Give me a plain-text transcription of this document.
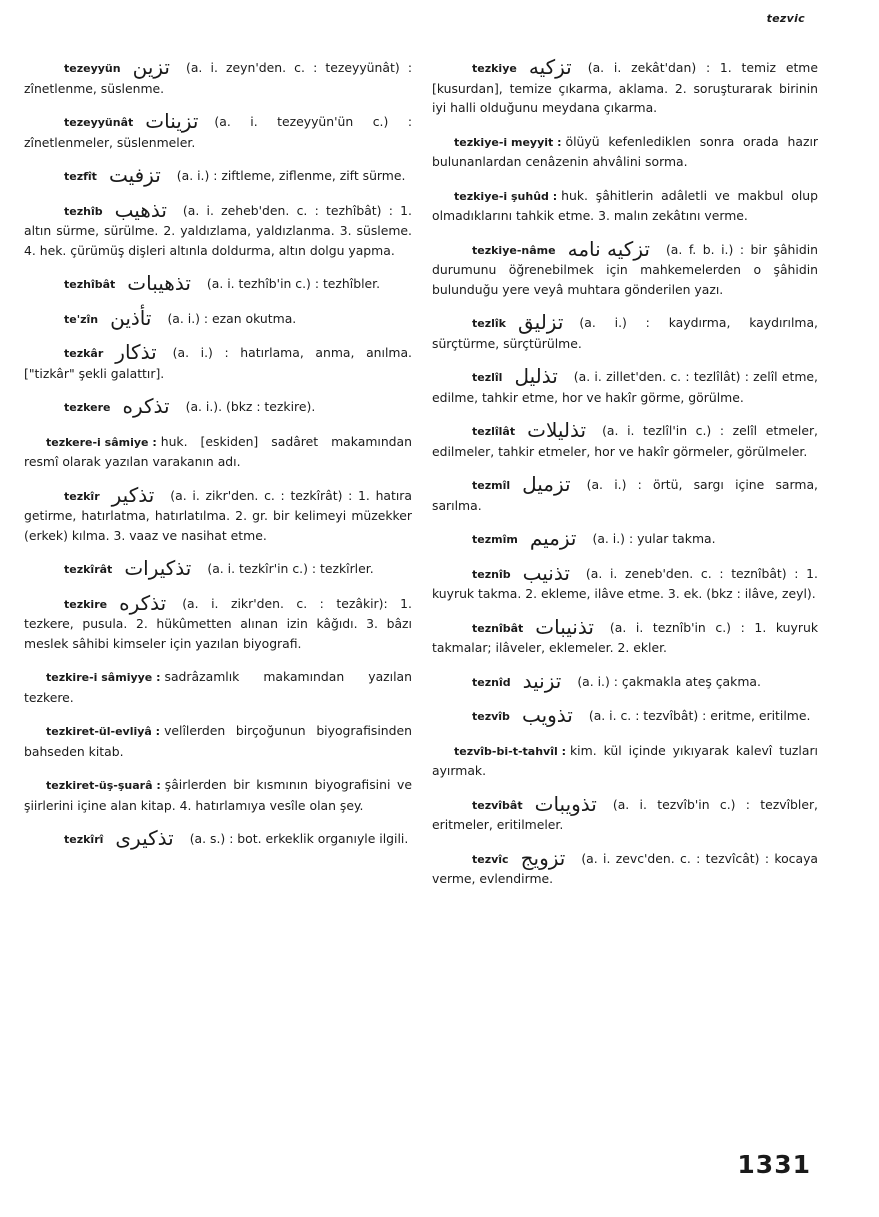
tezvic
tezeyyün تزين (a. i. zeyn'den. c. : tezeyyünât) : zînetlenme, süslenme.
tezeyyünât تزينات (a. i. tezeyyün'ün c.) : zînetlenmeler, süslenmeler.
tezfît تزفيت (a. i.) : ziftleme, ziflenme, zift sürme.
tezhîb تذهيب (a. i. zeheb'den. c. : tezhîbât) : 1. altın sürme, sürülme. 2. yaldızlama, yaldızlanma. 3. süsleme. 4. hek. çürümüş dişleri altınla doldurma, altın dolgu yapma.
tezhîbât تذهيبات (a. i. tezhîb'in c.) : tezhîbler.
te'zîn تأذين (a. i.) : ezan okutma.
tezkâr تذكار (a. i.) : hatırlama, anma, anılma. ["tizkâr" şekli galattır].
tezkere تذكره (a. i.). (bkz : tezkire).
tezkere-i sâmiye : huk. [eskiden] sadâret makamından resmî olarak yazılan varakanın adı.
tezkîr تذكير (a. i. zikr'den. c. : tezkîrât) : 1. hatıra getirme, hatırlatma, hatırlatılma. 2. gr. bir kelimeyi müzekker (erkek) kılma. 3. vaaz ve nasihat etme.
tezkîrât تذكيرات (a. i. tezkîr'in c.) : tezkîrler.
tezkire تذكره (a. i. zikr'den. c. : tezâkir): 1. tezkere, pusula. 2. hükûmetten alınan izin kâğıdı. 3. bâzı meslek sâhibi kimseler için yazılan biyografi.
tezkire-i sâmiyye : sadrâzamlık makamından yazılan tezkere.
tezkiret-ül-evliyâ : velîlerden birçoğunun biyografisinden bahseden kitab.
tezkiret-üş-şuarâ : şâirlerden bir kısmının biyografisini ve şiirlerini içine alan kitap. 4. hatırlamıya vesîle olan şey.
tezkîrî تذكيرى (a. s.) : bot. erkeklik organıyle ilgili.
tezkiye تزكيه (a. i. zekât'dan) : 1. temiz etme [kusurdan], temize çıkarma, aklama. 2. soruşturarak birinin iyi halli olduğunu meydana çıkarma.
tezkiye-i meyyit : ölüyü kefenlediklen sonra orada hazır bulunanlardan cenâzenin ahvâlini sorma.
tezkiye-i şuhûd : huk. şâhitlerin adâletli ve makbul olup olmadıklarını tahkik etme. 3. malın zekâtını verme.
tezkiye-nâme تزكيه نامه (a. f. b. i.) : bir şâhidin durumunu öğrenebilmek için mahkemelerden o şâhidin bulunduğu yere veyâ muhtara gönderilen yazı.
tezlîk تزليق (a. i.) : kaydırma, kaydırılma, sürçtürme, sürçtürülme.
tezlîl تذليل (a. i. zillet'den. c. : tezlîlât) : zelîl etme, edilme, tahkir etme, hor ve hakîr görme, görülme.
tezlîlât تذليلات (a. i. tezlîl'in c.) : zelîl etmeler, edilmeler, tahkir etmeler, hor ve hakîr görmeler, görülmeler.
tezmîl تزميل (a. i.) : örtü, sargı içine sarma, sarılma.
tezmîm تزميم (a. i.) : yular takma.
teznîb تذنيب (a. i. zeneb'den. c. : teznîbât) : 1. kuyruk takma. 2. ekleme, ilâve etme. 3. ek. (bkz : ilâve, zeyl).
teznîbât تذنيبات (a. i. teznîb'in c.) : 1. kuyruk takmalar; ilâveler, eklemeler. 2. ekler.
teznîd تزنيد (a. i.) : çakmakla ateş çakma.
tezvîb تذويب (a. i. c. : tezvîbât) : eritme, eritilme.
tezvîb-bi-t-tahvîl : kim. kül içinde yıkıyarak kalevî tuzları ayırmak.
tezvîbât تذويبات (a. i. tezvîb'in c.) : tezvîbler, eritmeler, eritilmeler.
tezvîc تزويج (a. i. zevc'den. c. : tezvîcât) : kocaya verme, evlendirme.
1331
